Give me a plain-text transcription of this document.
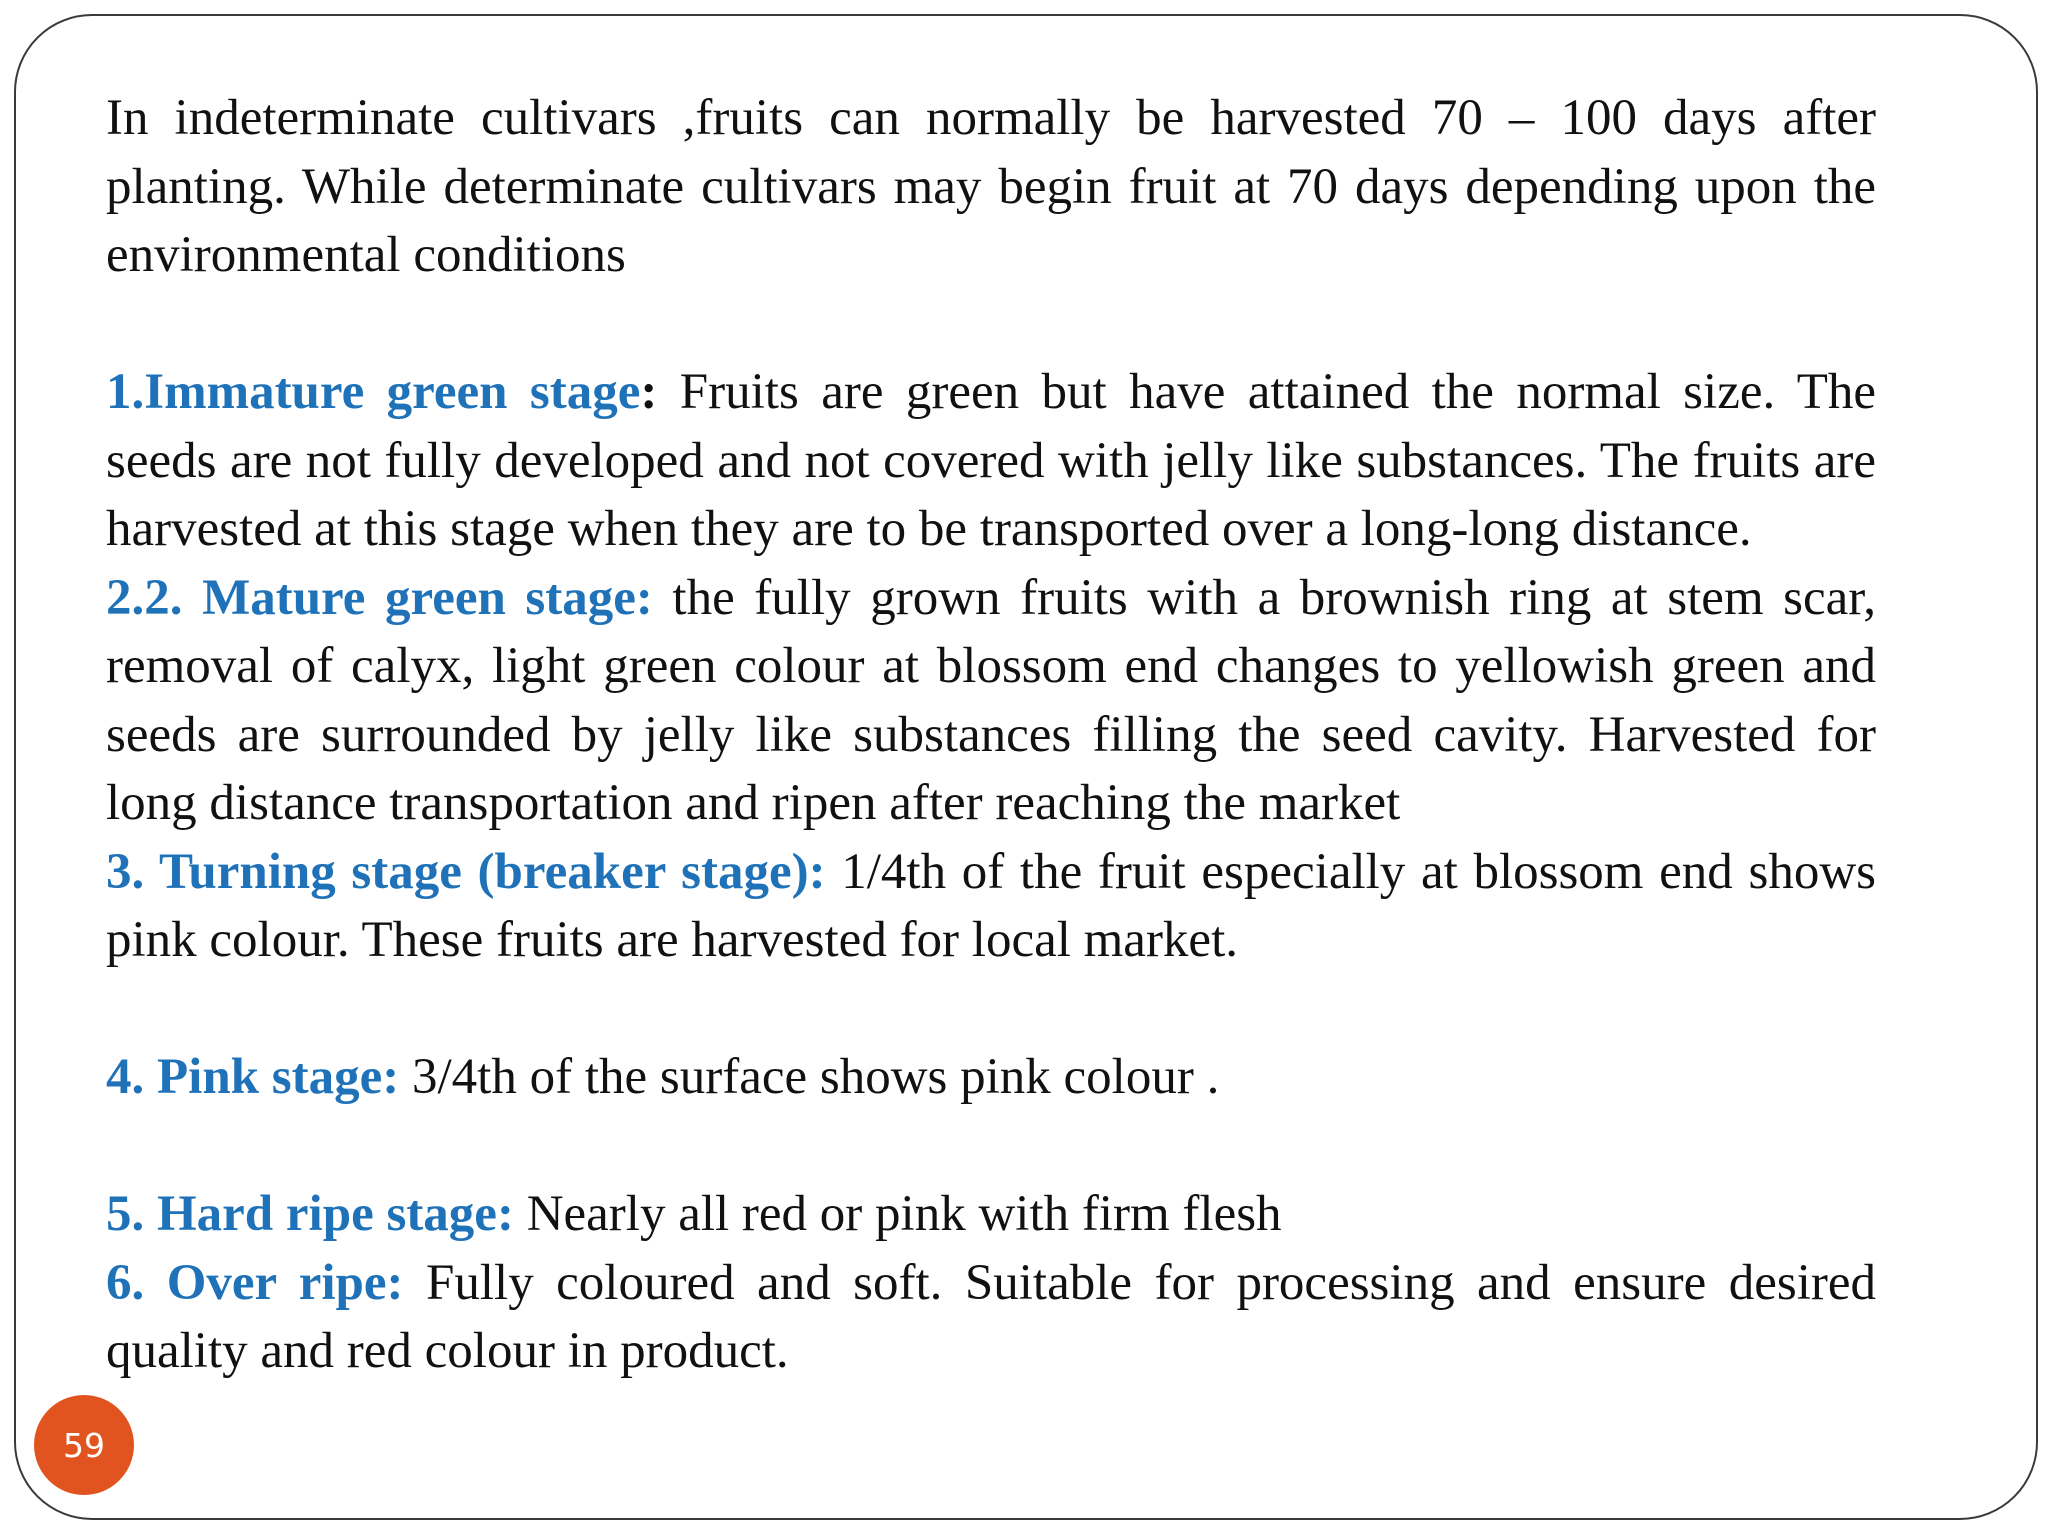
59

In indeterminate cultivars ,fruits can normally be harvested 70 – 100 days after planting. While determinate cultivars may begin fruit at 70 days depending upon the environmental conditions

1.Immature green stage: Fruits are green but have attained the normal size. The seeds are not fully developed and not covered with jelly like substances. The fruits are harvested at this stage when they are to be transported over a long-long distance.

2.2. Mature green stage: the fully grown fruits with a brownish ring at stem scar, removal of calyx, light green colour at blossom end changes to yellowish green and seeds are surrounded by jelly like substances filling the seed cavity. Harvested for long distance transportation and ripen after reaching the market

3. Turning stage (breaker stage): 1/4th of the fruit especially at blossom end shows pink colour. These fruits are harvested for local market.

4. Pink stage: 3/4th of the surface shows pink colour .

5. Hard ripe stage: Nearly all red or pink with firm flesh

6. Over ripe: Fully coloured and soft. Suitable for processing and ensure desired quality and red colour in product.
